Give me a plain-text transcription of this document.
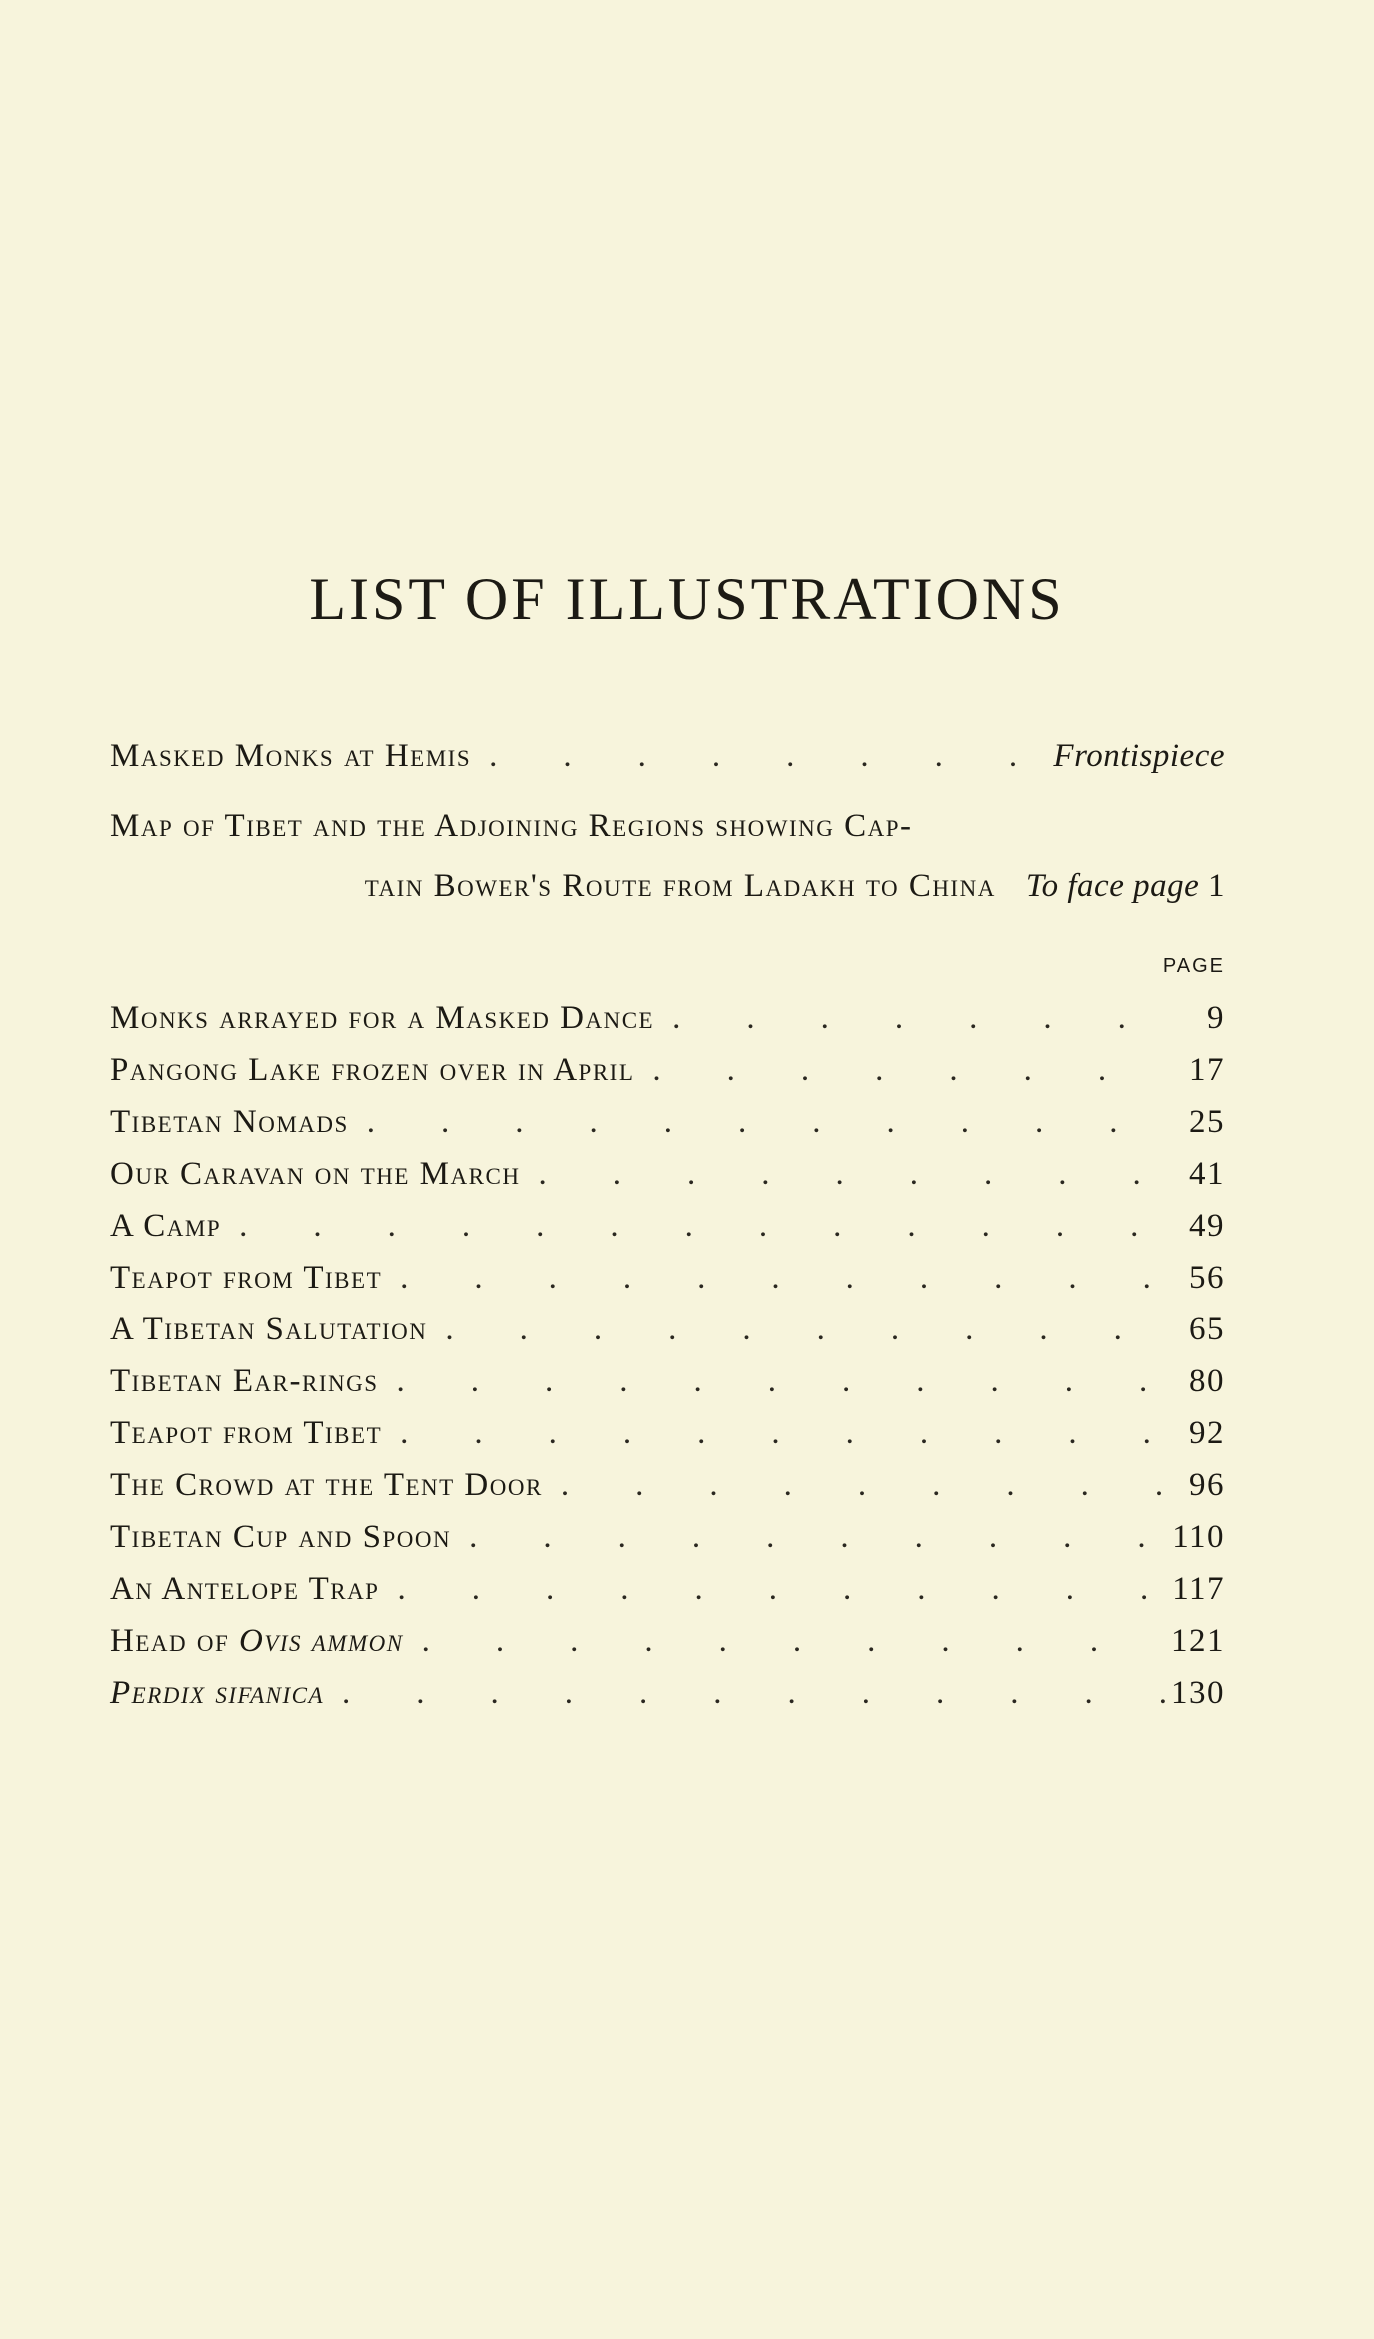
LIST OF ILLUSTRATIONS
Masked Monks at Hemis .  . 	Frontispiece
Map of Tibet and the Adjoining Regions showing Cap-
tain Bower's Route from Ladakh to China To face page 1
PAGE
Monks arrayed for a Masked Dance .  . 	9
Pangong Lake frozen over in April .  . 	17
Tibetan Nomads .  . 	25
Our Caravan on the March .  . 	41
A Camp .  . 	49
Teapot from Tibet .  . 	56
A Tibetan Salutation .  . 	65
Tibetan Ear-rings .  . 	80
Teapot from Tibet .  . 	92
The Crowd at the Tent Door .  . 	96
Tibetan Cup and Spoon .  . 	110
An Antelope Trap .  . 	117
Head of Ovis ammon .  . 	121
Perdix sifanica .  . 	130
